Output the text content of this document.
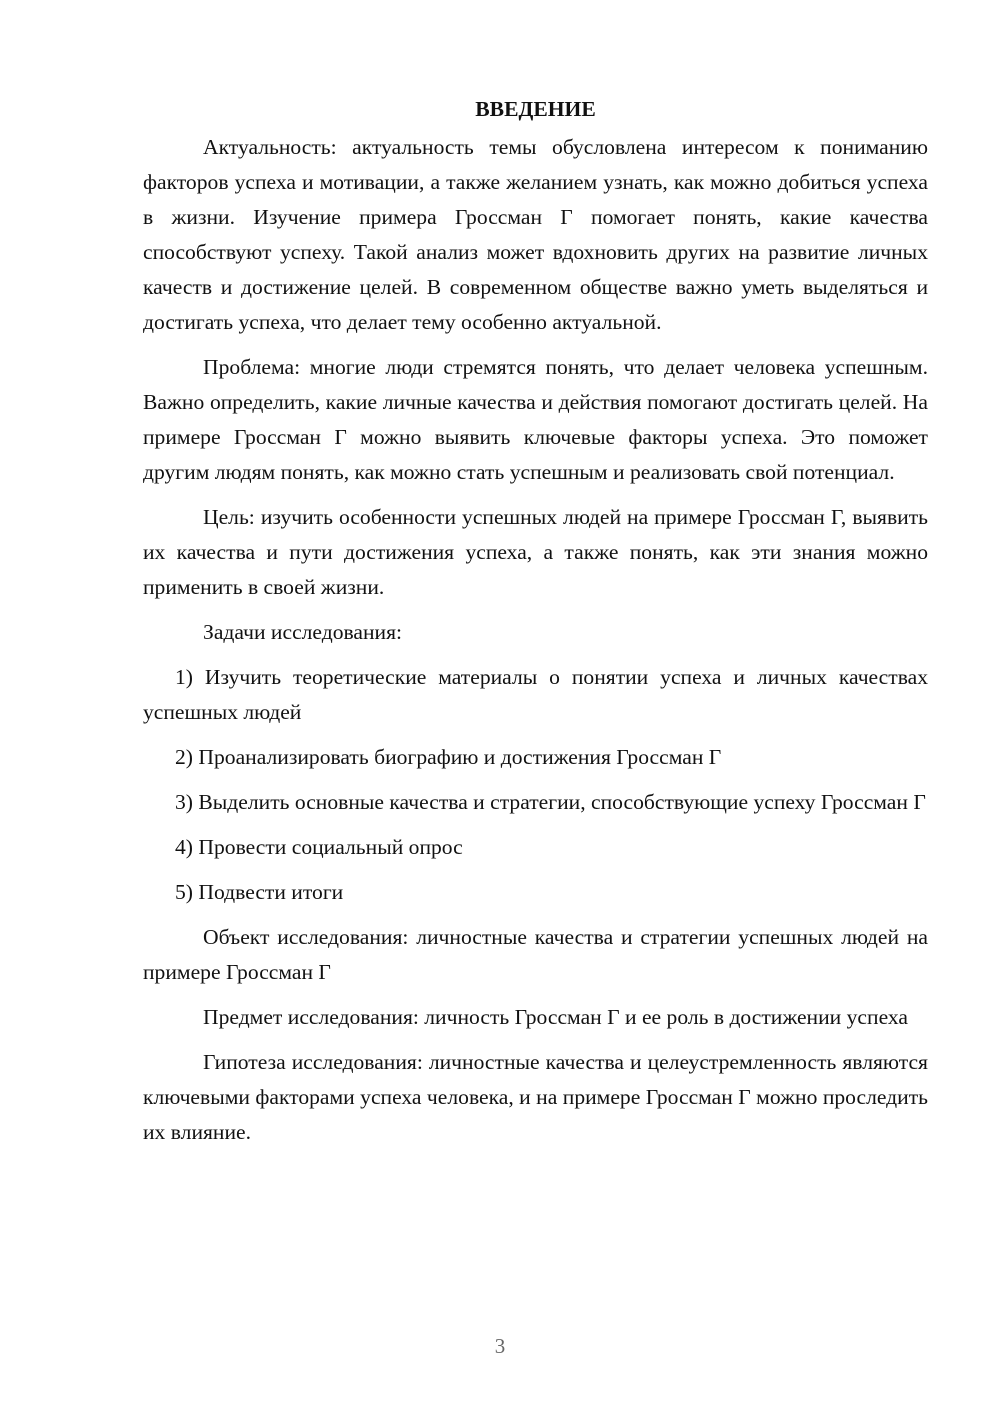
ВВЕДЕНИЕ

Актуальность: актуальность темы обусловлена интересом к пониманию факторов успеха и мотивации, а также желанием узнать, как можно добиться успеха в жизни. Изучение примера Гроссман Г помогает понять, какие качества способствуют успеху. Такой анализ может вдохновить других на развитие личных качеств и достижение целей. В современном обществе важно уметь выделяться и достигать успеха, что делает тему особенно актуальной.

Проблема: многие люди стремятся понять, что делает человека успешным. Важно определить, какие личные качества и действия помогают достигать целей. На примере Гроссман Г можно выявить ключевые факторы успеха. Это поможет другим людям понять, как можно стать успешным и реализовать свой потенциал.

Цель: изучить особенности успешных людей на примере Гроссман Г, выявить их качества и пути достижения успеха, а также понять, как эти знания можно применить в своей жизни.

Задачи исследования:

1) Изучить теоретические материалы о понятии успеха и личных качествах успешных людей

2) Проанализировать биографию и достижения Гроссман Г

3) Выделить основные качества и стратегии, способствующие успеху Гроссман Г

4) Провести социальный опрос

5) Подвести итоги

Объект исследования: личностные качества и стратегии успешных людей на примере Гроссман Г

Предмет исследования: личность Гроссман Г и ее роль в достижении успеха

Гипотеза исследования: личностные качества и целеустремленность являются ключевыми факторами успеха человека, и на примере Гроссман Г можно проследить их влияние.

3
